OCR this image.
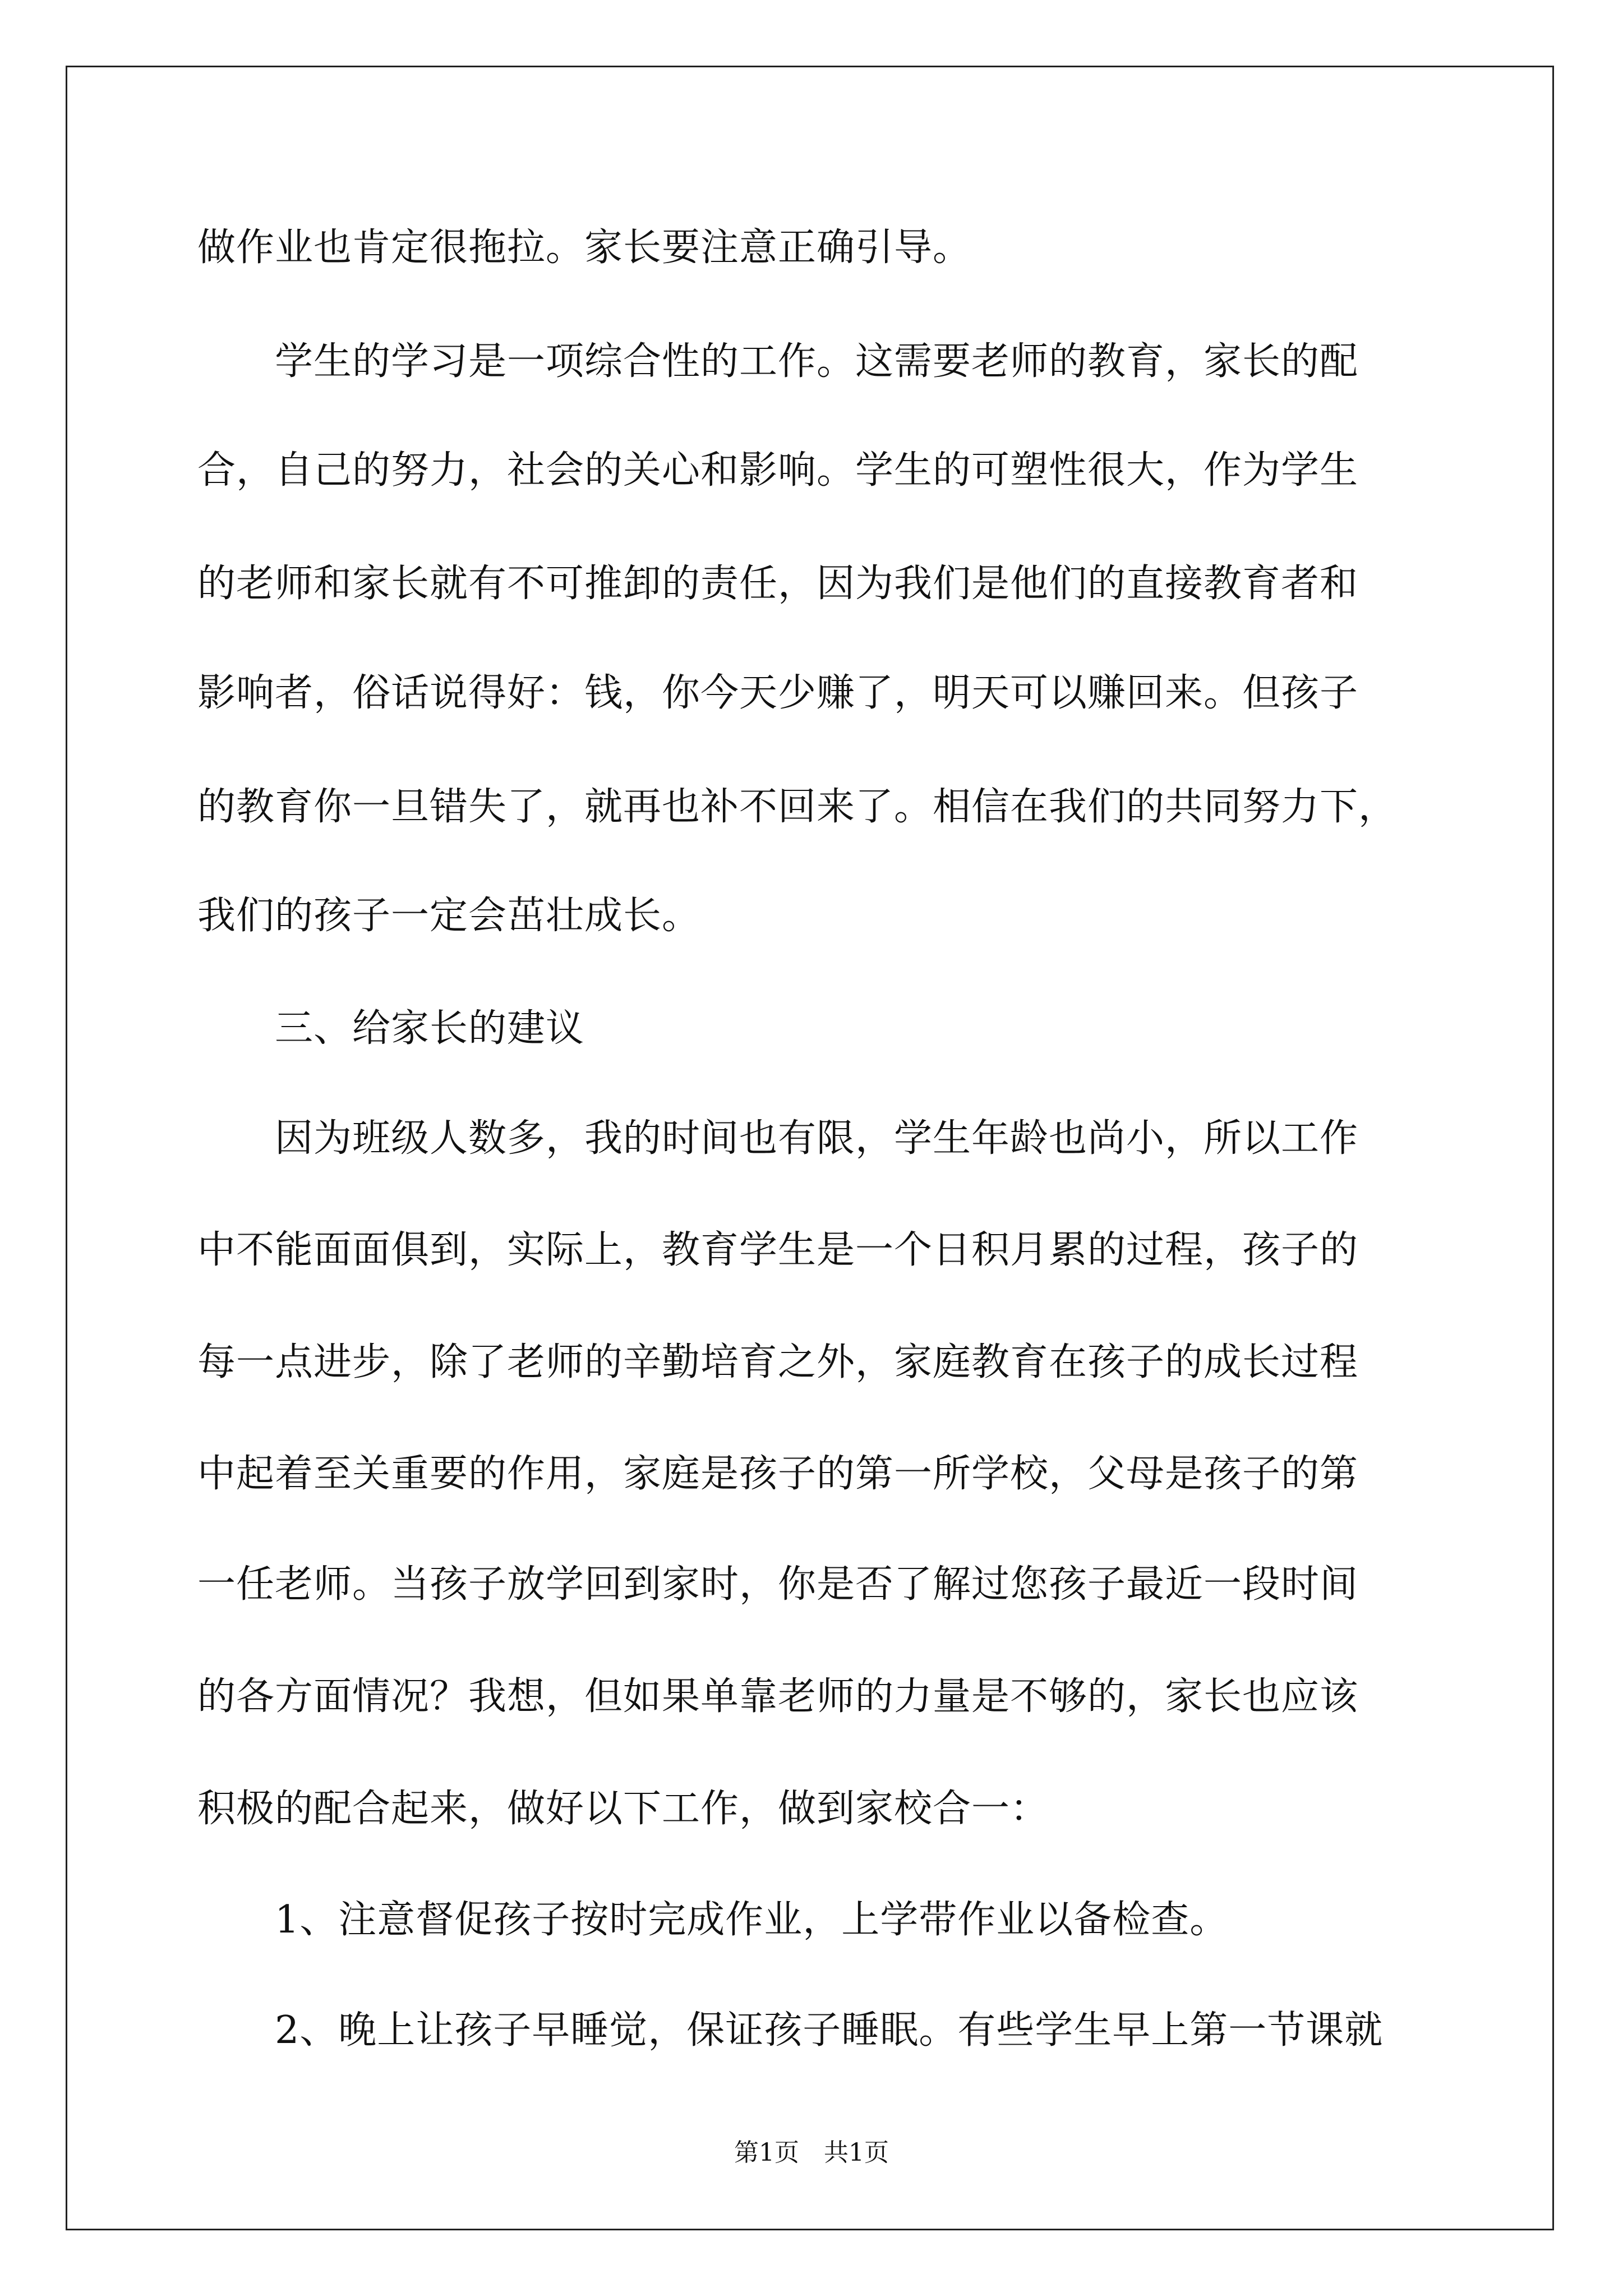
做作业也肯定很拖拉。家长要注意正确引导。

　　学生的学习是一项综合性的工作。这需要老师的教育，家长的配

合，自己的努力，社会的关心和影响。学生的可塑性很大，作为学生

的老师和家长就有不可推卸的责任，因为我们是他们的直接教育者和

影响者，俗话说得好：钱，你今天少赚了，明天可以赚回来。但孩子

的教育你一旦错失了，就再也补不回来了。相信在我们的共同努力下，

我们的孩子一定会茁壮成长。

　　三、给家长的建议

　　因为班级人数多，我的时间也有限，学生年龄也尚小，所以工作

中不能面面俱到，实际上，教育学生是一个日积月累的过程，孩子的

每一点进步，除了老师的辛勤培育之外，家庭教育在孩子的成长过程

中起着至关重要的作用，家庭是孩子的第一所学校，父母是孩子的第

一任老师。当孩子放学回到家时，你是否了解过您孩子最近一段时间

的各方面情况？我想，但如果单靠老师的力量是不够的，家长也应该

积极的配合起来，做好以下工作，做到家校合一：

　　1、注意督促孩子按时完成作业，上学带作业以备检查。

　　2、晚上让孩子早睡觉，保证孩子睡眠。有些学生早上第一节课就

第1页　共1页
